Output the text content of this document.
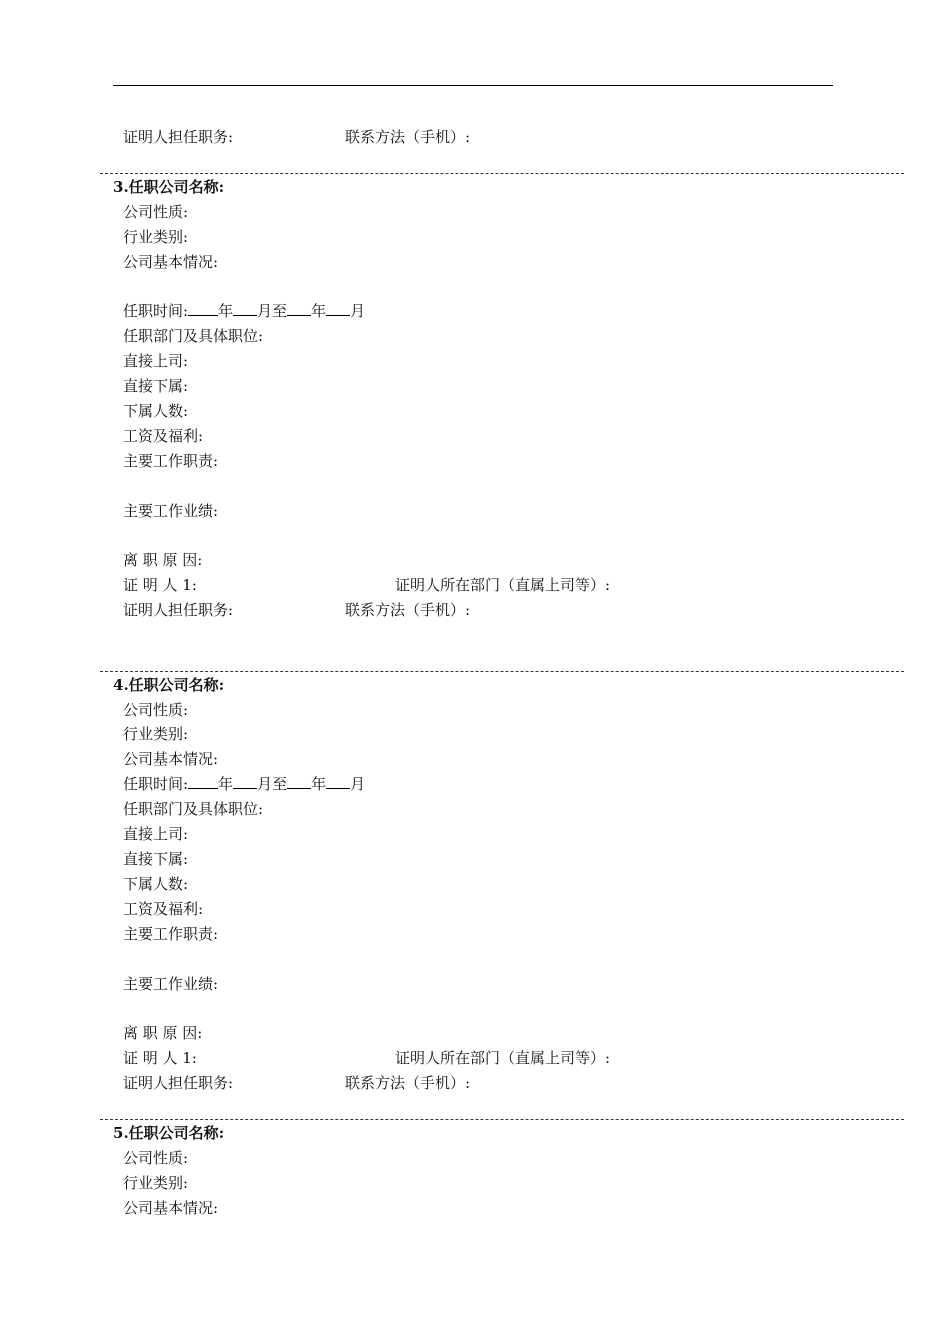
证明人担任职务:	联系方法（手机）:
3.任职公司名称:
公司性质:
行业类别:
公司基本情况:
任职时间: 年 月至 年 月
任职部门及具体职位:
直接上司:
直接下属:
下属人数:
工资及福利:
主要工作职责:
主要工作业绩:
离 职 原 因:
证 明 人 1:	证明人所在部门（直属上司等）:
证明人担任职务:	联系方法（手机）:
4.任职公司名称:
公司性质:
行业类别:
公司基本情况:
任职时间: 年 月至 年 月
任职部门及具体职位:
直接上司:
直接下属:
下属人数:
工资及福利:
主要工作职责:
主要工作业绩:
离 职 原 因:
证 明 人 1:	证明人所在部门（直属上司等）:
证明人担任职务:	联系方法（手机）:
5.任职公司名称:
公司性质:
行业类别:
公司基本情况:
